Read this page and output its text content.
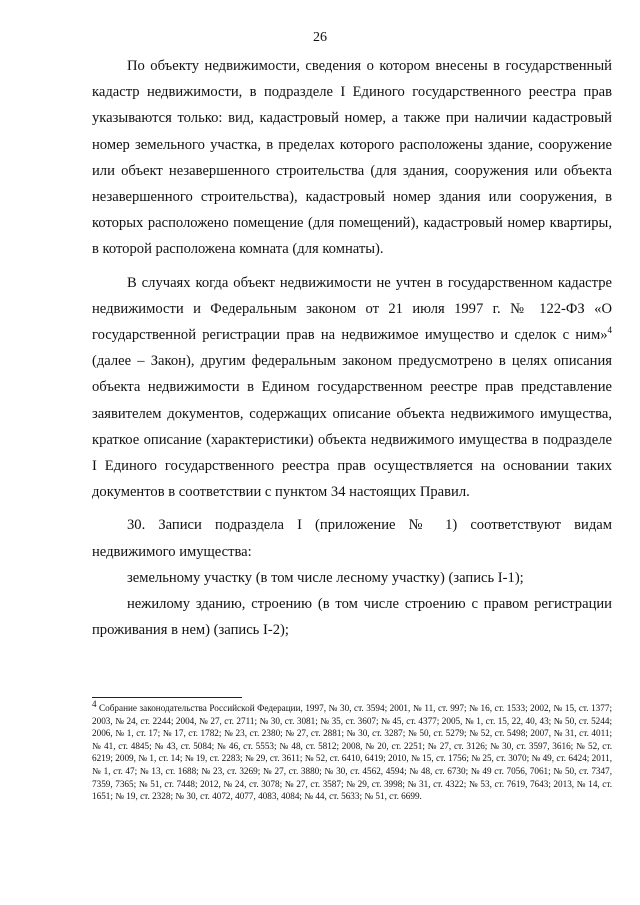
26

По объекту недвижимости, сведения о котором внесены в государственный кадастр недвижимости, в подразделе I Единого государственного реестра прав указываются только: вид, кадастровый номер, а также при наличии кадастровый номер земельного участка, в пределах которого расположены здание, сооружение или объект незавершенного строительства (для здания, сооружения или объекта незавершенного строительства), кадастровый номер здания или сооружения, в которых расположено помещение (для помещений), кадастровый номер квартиры, в которой расположена комната (для комнаты).

В случаях когда объект недвижимости не учтен в государственном кадастре недвижимости и Федеральным законом от 21 июля 1997 г. № 122-ФЗ «О государственной регистрации прав на недвижимое имущество и сделок с ним»$^4$ (далее – Закон), другим федеральным законом предусмотрено в целях описания объекта недвижимости в Едином государственном реестре прав представление заявителем документов, содержащих описание объекта недвижимого имущества, краткое описание (характеристики) объекта недвижимого имущества в подразделе I Единого государственного реестра прав осуществляется на основании таких документов в соответствии с пунктом 34 настоящих Правил.

30. Записи подраздела I (приложение № 1) соответствуют видам недвижимого имущества:

земельному участку (в том числе лесному участку) (запись I-1);

нежилому зданию, строению (в том числе строению с правом регистрации проживания в нем) (запись I-2);

$^4$ Собрание законодательства Российской Федерации, 1997, № 30, ст. 3594; 2001, № 11, ст. 997; № 16, ст. 1533; 2002, № 15, ст. 1377; 2003, № 24, ст. 2244; 2004, № 27, ст. 2711; № 30, ст. 3081; № 35, ст. 3607; № 45, ст. 4377; 2005, № 1, ст. 15, 22, 40, 43; № 50, ст. 5244; 2006, № 1, ст. 17; № 17, ст. 1782; № 23, ст. 2380; № 27, ст. 2881; № 30, ст. 3287; № 50, ст. 5279; № 52, ст. 5498; 2007, № 31, ст. 4011; № 41, ст. 4845; № 43, ст. 5084; № 46, ст. 5553; № 48, ст. 5812; 2008, № 20, ст. 2251; № 27, ст. 3126; № 30, ст. 3597, 3616; № 52, ст. 6219; 2009, № 1, ст. 14; № 19, ст. 2283; № 29, ст. 3611; № 52, ст. 6410, 6419; 2010, № 15, ст. 1756; № 25, ст. 3070; № 49, ст. 6424; 2011, № 1, ст. 47; № 13, ст. 1688; № 23, ст. 3269; № 27, ст. 3880; № 30, ст. 4562, 4594; № 48, ст. 6730; № 49 ст. 7056, 7061; № 50, ст. 7347, 7359, 7365; № 51, ст. 7448; 2012, № 24, ст. 3078; № 27, ст. 3587; № 29, ст. 3998; № 31, ст. 4322; № 53, ст. 7619, 7643; 2013, № 14, ст. 1651; № 19, ст. 2328; № 30, ст. 4072, 4077, 4083, 4084; № 44, ст. 5633; № 51, ст. 6699.
